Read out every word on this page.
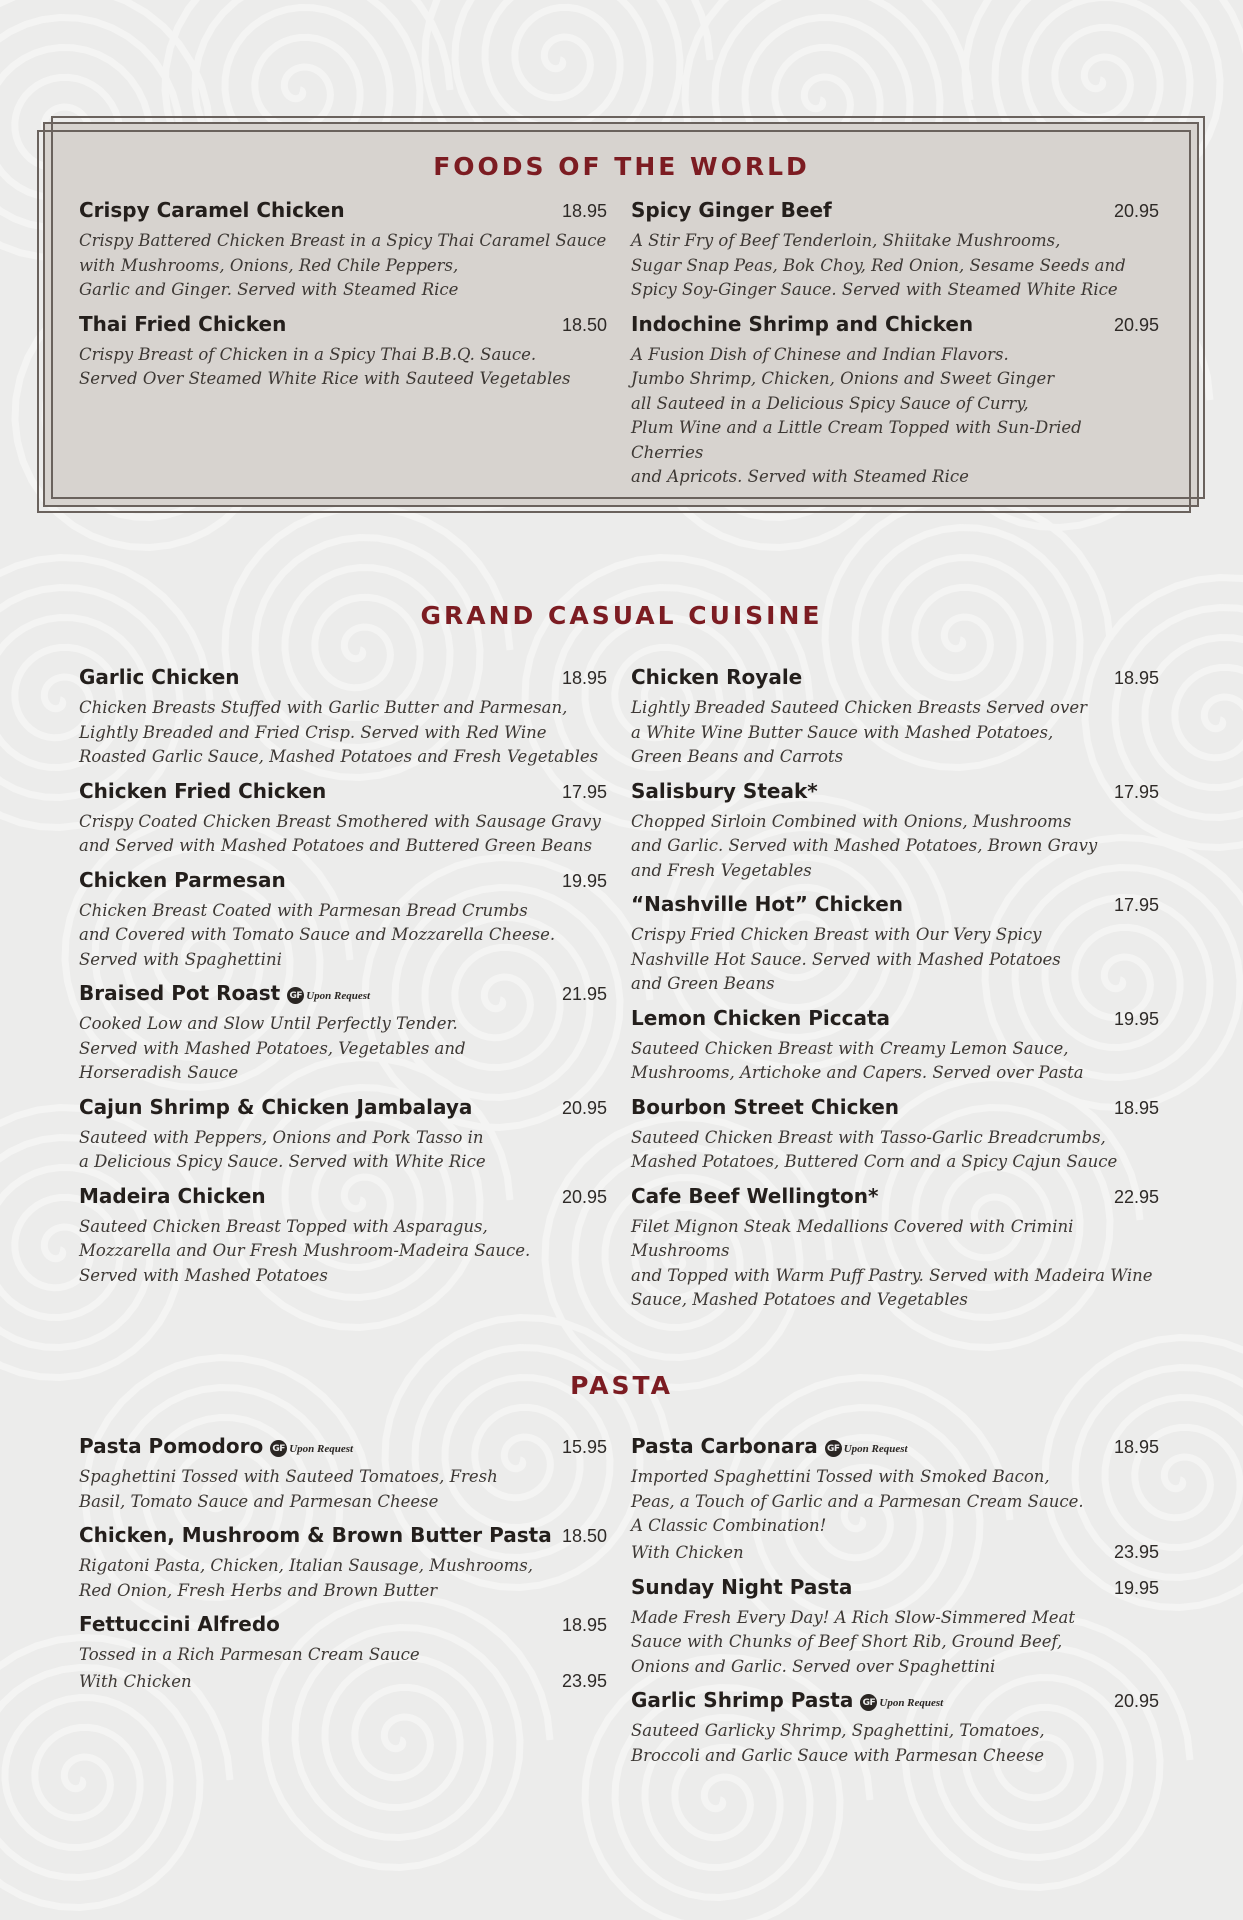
FOODS OF THE WORLD
Crispy Caramel Chicken	18.95
Crispy Battered Chicken Breast in a Spicy Thai Caramel Sauce
with Mushrooms, Onions, Red Chile Peppers,
Garlic and Ginger. Served with Steamed Rice
Thai Fried Chicken	18.50
Crispy Breast of Chicken in a Spicy Thai B.B.Q. Sauce.
Served Over Steamed White Rice with Sauteed Vegetables
Spicy Ginger Beef	20.95
A Stir Fry of Beef Tenderloin, Shiitake Mushrooms,
Sugar Snap Peas, Bok Choy, Red Onion, Sesame Seeds and
Spicy Soy-Ginger Sauce. Served with Steamed White Rice
Indochine Shrimp and Chicken	20.95
A Fusion Dish of Chinese and Indian Flavors.
Jumbo Shrimp, Chicken, Onions and Sweet Ginger
all Sauteed in a Delicious Spicy Sauce of Curry,
Plum Wine and a Little Cream Topped with Sun-Dried Cherries
and Apricots. Served with Steamed Rice
GRAND CASUAL CUISINE
Garlic Chicken	18.95
Chicken Breasts Stuffed with Garlic Butter and Parmesan,
Lightly Breaded and Fried Crisp. Served with Red Wine
Roasted Garlic Sauce, Mashed Potatoes and Fresh Vegetables
Chicken Fried Chicken	17.95
Crispy Coated Chicken Breast Smothered with Sausage Gravy
and Served with Mashed Potatoes and Buttered Green Beans
Chicken Parmesan	19.95
Chicken Breast Coated with Parmesan Bread Crumbs
and Covered with Tomato Sauce and Mozzarella Cheese.
Served with Spaghettini
Braised Pot Roast GF Upon Request	21.95
Cooked Low and Slow Until Perfectly Tender.
Served with Mashed Potatoes, Vegetables and
Horseradish Sauce
Cajun Shrimp & Chicken Jambalaya	20.95
Sauteed with Peppers, Onions and Pork Tasso in
a Delicious Spicy Sauce. Served with White Rice
Madeira Chicken	20.95
Sauteed Chicken Breast Topped with Asparagus,
Mozzarella and Our Fresh Mushroom-Madeira Sauce.
Served with Mashed Potatoes
Chicken Royale	18.95
Lightly Breaded Sauteed Chicken Breasts Served over
a White Wine Butter Sauce with Mashed Potatoes,
Green Beans and Carrots
Salisbury Steak*	17.95
Chopped Sirloin Combined with Onions, Mushrooms
and Garlic. Served with Mashed Potatoes, Brown Gravy
and Fresh Vegetables
“Nashville Hot” Chicken	17.95
Crispy Fried Chicken Breast with Our Very Spicy
Nashville Hot Sauce. Served with Mashed Potatoes
and Green Beans
Lemon Chicken Piccata	19.95
Sauteed Chicken Breast with Creamy Lemon Sauce,
Mushrooms, Artichoke and Capers. Served over Pasta
Bourbon Street Chicken	18.95
Sauteed Chicken Breast with Tasso-Garlic Breadcrumbs,
Mashed Potatoes, Buttered Corn and a Spicy Cajun Sauce
Cafe Beef Wellington*	22.95
Filet Mignon Steak Medallions Covered with Crimini Mushrooms
and Topped with Warm Puff Pastry. Served with Madeira Wine
Sauce, Mashed Potatoes and Vegetables
PASTA
Pasta Pomodoro GF Upon Request	15.95
Spaghettini Tossed with Sauteed Tomatoes, Fresh
Basil, Tomato Sauce and Parmesan Cheese
Chicken, Mushroom & Brown Butter Pasta 18.50
Rigatoni Pasta, Chicken, Italian Sausage, Mushrooms,
Red Onion, Fresh Herbs and Brown Butter
Fettuccini Alfredo	18.95
Tossed in a Rich Parmesan Cream Sauce
With Chicken	23.95
Pasta Carbonara GF Upon Request	18.95
Imported Spaghettini Tossed with Smoked Bacon,
Peas, a Touch of Garlic and a Parmesan Cream Sauce.
A Classic Combination!
With Chicken	23.95
Sunday Night Pasta	19.95
Made Fresh Every Day! A Rich Slow-Simmered Meat
Sauce with Chunks of Beef Short Rib, Ground Beef,
Onions and Garlic. Served over Spaghettini
Garlic Shrimp Pasta GF Upon Request	20.95
Sauteed Garlicky Shrimp, Spaghettini, Tomatoes,
Broccoli and Garlic Sauce with Parmesan Cheese
